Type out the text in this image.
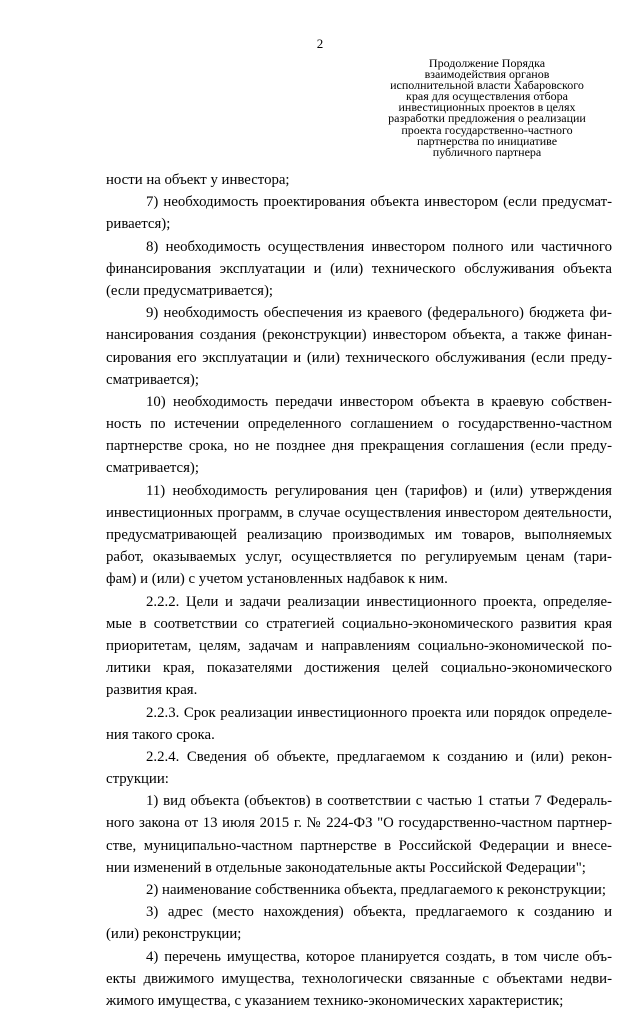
2
Продолжение Порядка
взаимодействия органов
исполнительной власти Хабаровского
края для осуществления отбора
инвестиционных проектов в целях
разработки предложения о реализации
проекта государственно-частного
партнерства по инициативе
публичного партнера
ности на объект у инвестора;
7) необходимость проектирования объекта инвестором (если предусмат-
ривается);
8) необходимость осуществления инвестором полного или частичного
финансирования эксплуатации и (или) технического обслуживания объекта
(если предусматривается);
9) необходимость обеспечения из краевого (федерального) бюджета фи-
нансирования создания (реконструкции) инвестором объекта, а также финан-
сирования его эксплуатации и (или) технического обслуживания (если преду-
сматривается);
10) необходимость передачи инвестором объекта в краевую собствен-
ность по истечении определенного соглашением о государственно-частном
партнерстве срока, но не позднее дня прекращения соглашения (если преду-
сматривается);
11) необходимость регулирования цен (тарифов) и (или) утверждения
инвестиционных программ, в случае осуществления инвестором деятельности,
предусматривающей реализацию производимых им товаров, выполняемых
работ, оказываемых услуг, осуществляется по регулируемым ценам (тари-
фам) и (или) с учетом установленных надбавок к ним.
2.2.2. Цели и задачи реализации инвестиционного проекта, определяе-
мые в соответствии со стратегией социально-экономического развития края
приоритетам, целям, задачам и направлениям социально-экономической по-
литики края, показателями достижения целей социально-экономического
развития края.
2.2.3. Срок реализации инвестиционного проекта или порядок определе-
ния такого срока.
2.2.4. Сведения об объекте, предлагаемом к созданию и (или) рекон-
струкции:
1) вид объекта (объектов) в соответствии с частью 1 статьи 7 Федераль-
ного закона от 13 июля 2015 г. № 224-ФЗ "О государственно-частном партнер-
стве, муниципально-частном партнерстве в Российской Федерации и внесе-
нии изменений в отдельные законодательные акты Российской Федерации";
2) наименование собственника объекта, предлагаемого к реконструкции;
3) адрес (место нахождения) объекта, предлагаемого к созданию и
(или) реконструкции;
4) перечень имущества, которое планируется создать, в том числе объ-
екты движимого имущества, технологически связанные с объектами недви-
жимого имущества, с указанием технико-экономических характеристик;
